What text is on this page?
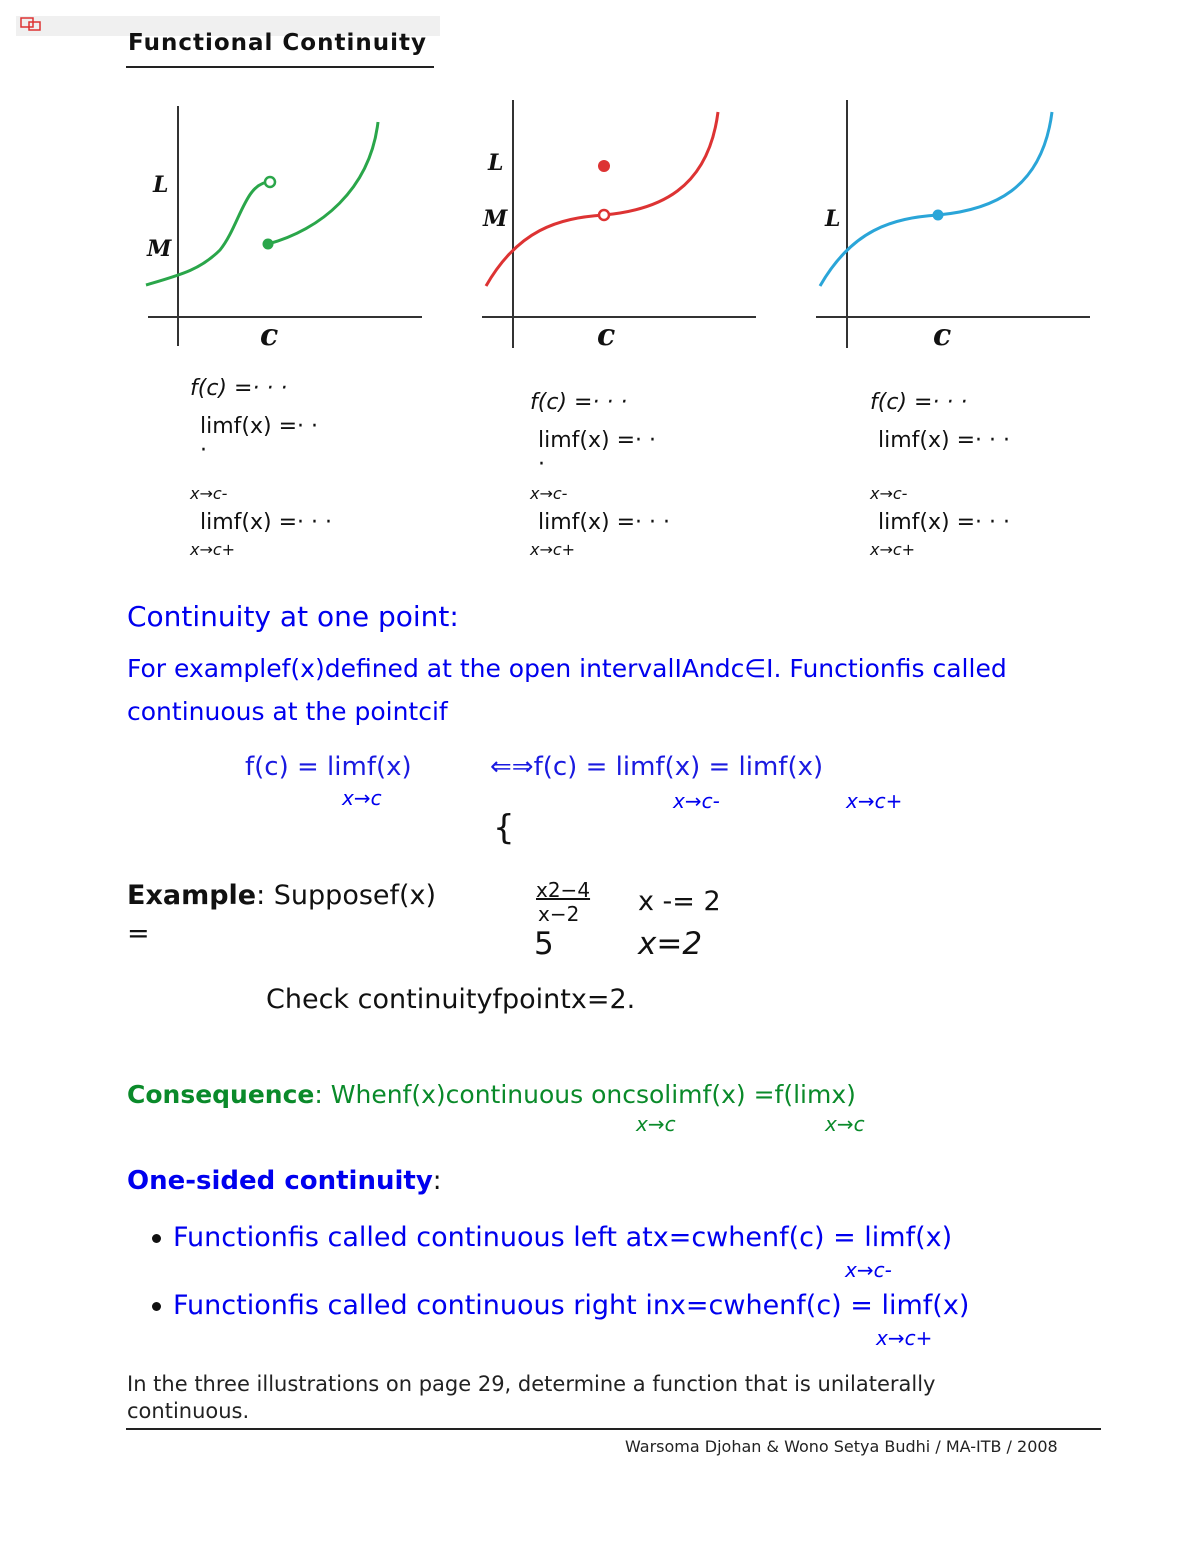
Functional Continuity
L
M
c
f(c) =· · ·
limf(x) =· ·
·
x→c-
limf(x) =· · ·
x→c+
L
M
c
f(c) =· · ·
limf(x) =· ·
·
x→c-
limf(x) =· · ·
x→c+
L
c
f(c) =· · ·
limf(x) =· · ·
x→c-
limf(x) =· · ·
x→c+
Continuity at one point:
For examplef(x)defined at the open intervalIAndc∈I. Functionfis called
continuous at the pointcif
f(c) = limf(x)
x→c
⇐⇒f(c) = limf(x) = limf(x)
x→c-	x→c+
{
Example: Supposef(x)
=
x2−4
x−2 x -= 2
5	x=2
Check continuityfpointx=2.
Consequence: Whenf(x)continuous oncsolimf(x) =f(limx)
x→c	x→c
One-sided continuity:
Functionfis called continuous left atx=cwhenf(c) = limf(x)
x→c-
Functionfis called continuous right inx=cwhenf(c) = limf(x)
x→c+
In the three illustrations on page 29, determine a function that is unilaterally
continuous.
Warsoma Djohan & Wono Setya Budhi / MA-ITB / 2008
